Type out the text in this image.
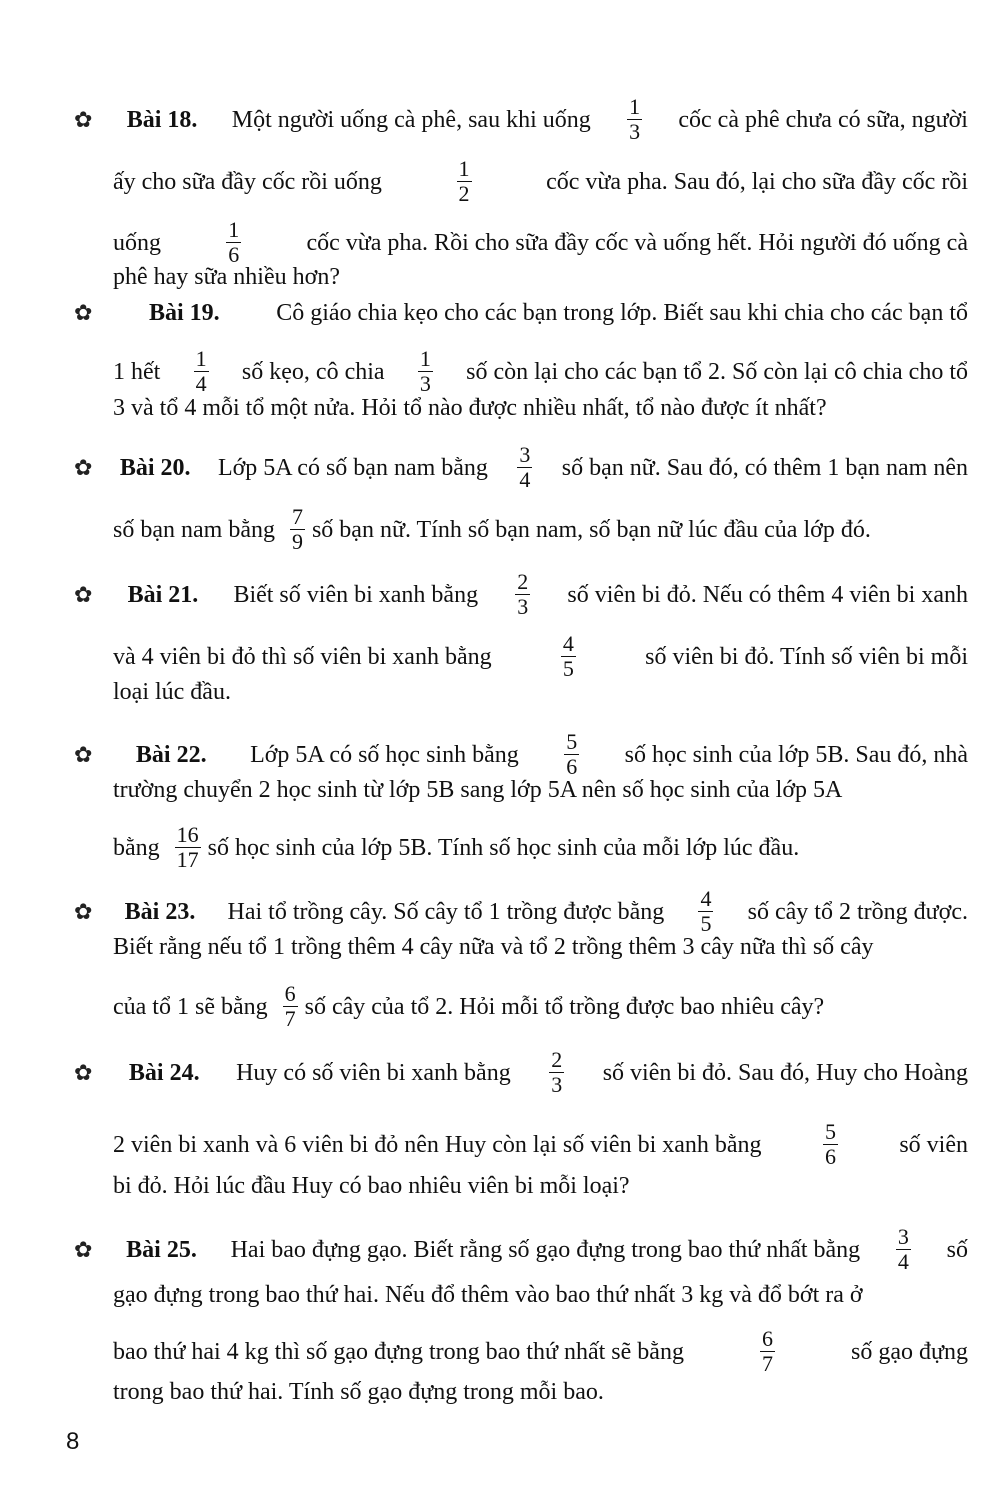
✿ Bài 18. Một người uống cà phê, sau khi uống $\frac{1}{3}$ cốc cà phê chưa có sữa, người
ấy cho sữa đầy cốc rồi uống	$\frac{1}{2}$	cốc vừa pha. Sau đó, lại cho sữa đầy cốc rồi
uống	$\frac{1}{6}$	cốc vừa pha. Rồi cho sữa đầy cốc và uống hết. Hỏi người đó uống cà
phê hay sữa nhiều hơn?
✿ Bài 19. Cô giáo chia kẹo cho các bạn trong lớp. Biết sau khi chia cho các bạn tổ
1 hết $\frac{1}{4}$ số kẹo, cô chia $\frac{1}{3}$ số còn lại cho các bạn tổ 2. Số còn lại cô chia cho tổ
3 và tổ 4 mỗi tổ một nửa. Hỏi tổ nào được nhiều nhất, tổ nào được ít nhất?
✿ Bài 20. Lớp 5A có số bạn nam bằng $\frac{3}{4}$ số bạn nữ. Sau đó, có thêm 1 bạn nam nên
số bạn nam bằng $\frac{7}{9}$ số bạn nữ. Tính số bạn nam, số bạn nữ lúc đầu của lớp đó.
✿ Bài 21. Biết số viên bi xanh bằng $\frac{2}{3}$ số viên bi đỏ. Nếu có thêm 4 viên bi xanh
và 4 viên bi đỏ thì số viên bi xanh bằng	$\frac{4}{5}$	số viên bi đỏ. Tính số viên bi mỗi
loại lúc đầu.
✿ Bài 22. Lớp 5A có số học sinh bằng $\frac{5}{6}$ số học sinh của lớp 5B. Sau đó, nhà
trường chuyển 2 học sinh từ lớp 5B sang lớp 5A nên số học sinh của lớp 5A
bằng $\frac{16}{17}$ số học sinh của lớp 5B. Tính số học sinh của mỗi lớp lúc đầu.
✿ Bài 23. Hai tổ trồng cây. Số cây tổ 1 trồng được bằng $\frac{4}{5}$ số cây tổ 2 trồng được.
Biết rằng nếu tổ 1 trồng thêm 4 cây nữa và tổ 2 trồng thêm 3 cây nữa thì số cây
của tổ 1 sẽ bằng $\frac{6}{7}$ số cây của tổ 2. Hỏi mỗi tổ trồng được bao nhiêu cây?
✿ Bài 24. Huy có số viên bi xanh bằng $\frac{2}{3}$ số viên bi đỏ. Sau đó, Huy cho Hoàng
2 viên bi xanh và 6 viên bi đỏ nên Huy còn lại số viên bi xanh bằng	$\frac{5}{6}$	số viên
bi đỏ. Hỏi lúc đầu Huy có bao nhiêu viên bi mỗi loại?
✿ Bài 25. Hai bao đựng gạo. Biết rằng số gạo đựng trong bao thứ nhất bằng $\frac{3}{4}$ số
gạo đựng trong bao thứ hai. Nếu đổ thêm vào bao thứ nhất 3 kg và đổ bớt ra ở
bao thứ hai 4 kg thì số gạo đựng trong bao thứ nhất sẽ bằng	$\frac{6}{7}$	số gạo đựng
trong bao thứ hai. Tính số gạo đựng trong mỗi bao.
8
